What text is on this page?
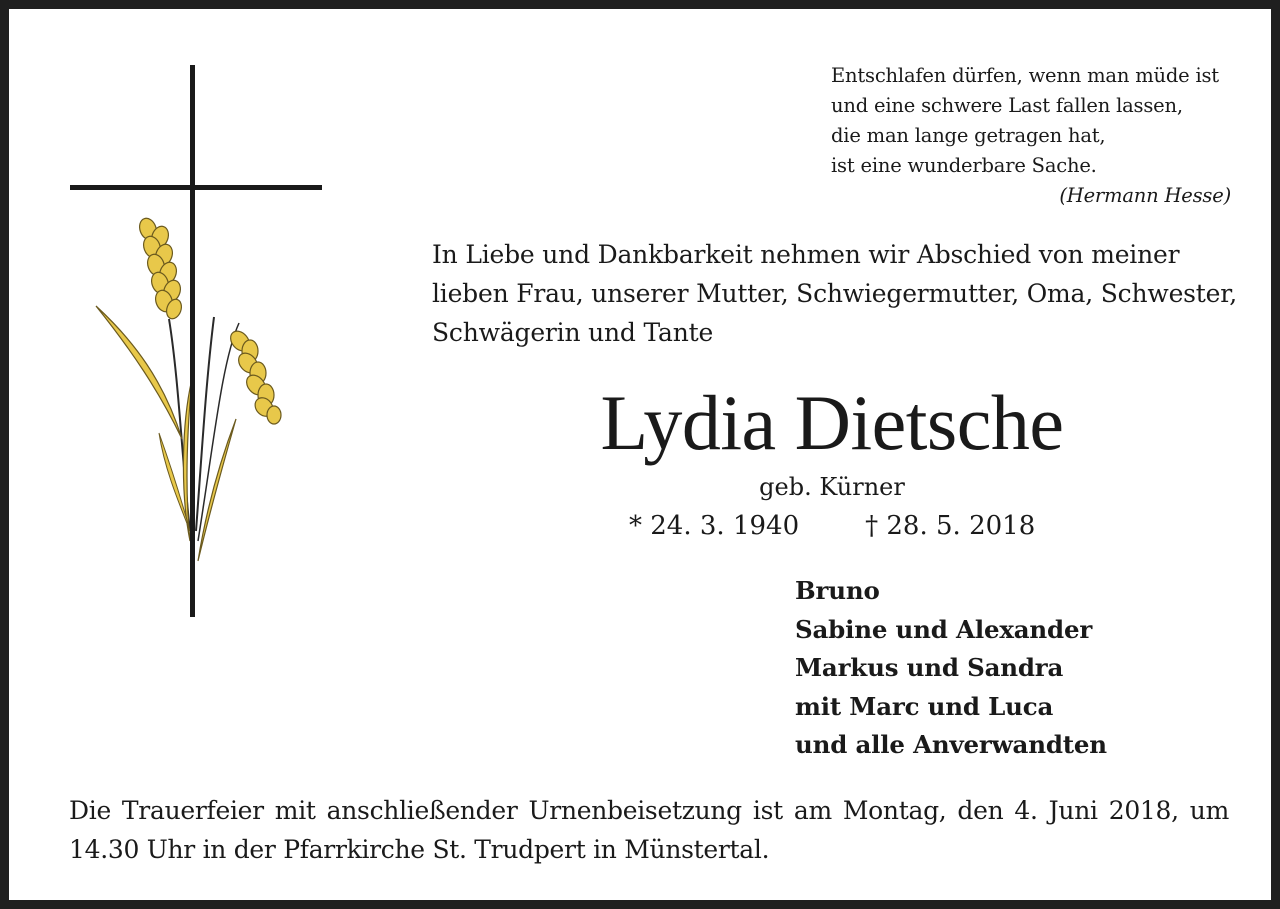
Entschlafen dürfen, wenn man müde ist
und eine schwere Last fallen lassen,
die man lange getragen hat,
ist eine wunderbare Sache.
(Hermann Hesse)
In Liebe und Dankbarkeit nehmen wir Abschied von meiner
lieben Frau, unserer Mutter, Schwiegermutter, Oma, Schwester,
Schwägerin und Tante
Lydia Dietsche
geb. Kürner
* 24. 3. 1940	† 28. 5. 2018
Bruno
Sabine und Alexander
Markus und Sandra
mit Marc und Luca
und alle Anverwandten
Die Trauerfeier mit anschließender Urnenbeisetzung ist am Montag, den 4. Juni 2018, um
14.30 Uhr in der Pfarrkirche St. Trudpert in Münstertal.
